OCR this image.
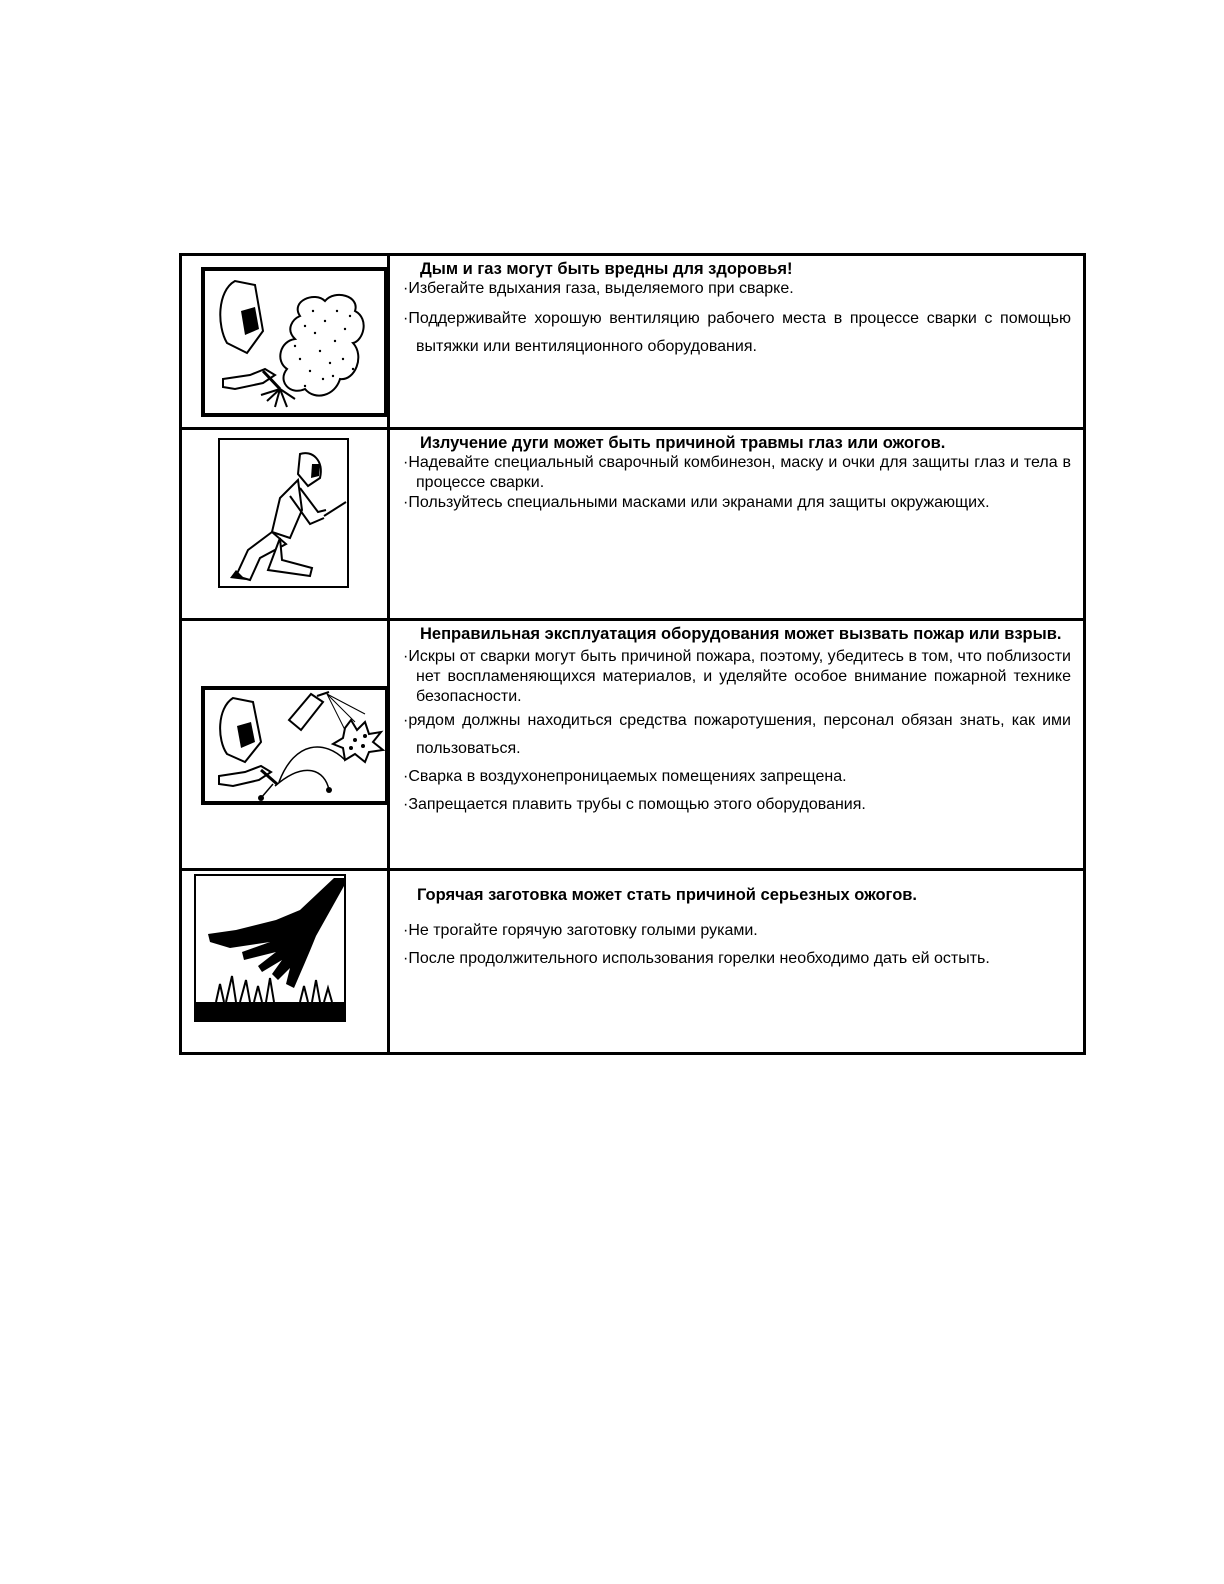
Дым и газ могут быть вредны для здоровья!

· Избегайте вдыхания газа, выделяемого при сварке.

· Поддерживайте хорошую вентиляцию рабочего места в процессе сварки с помощью вытяжки или вентиляционного оборудования.

Излучение дуги может быть причиной травмы глаз или ожогов.

· Надевайте специальный сварочный комбинезон, маску и очки для защиты глаз и тела в процессе сварки.

· Пользуйтесь специальными масками или экранами для защиты окружающих.

Неправильная эксплуатация оборудования может вызвать пожар или взрыв.

· Искры от сварки могут быть причиной пожара, поэтому, убедитесь в том, что поблизости нет воспламеняющихся материалов, и уделяйте особое внимание пожарной технике безопасности.

· рядом должны находиться средства пожаротушения, персонал обязан знать, как ими пользоваться.

· Сварка в воздухонепроницаемых помещениях запрещена.

· Запрещается плавить трубы с помощью этого оборудования.

Горячая заготовка может стать причиной серьезных ожогов.

· Не трогайте горячую заготовку голыми руками.

· После продолжительного использования горелки необходимо дать ей остыть.
